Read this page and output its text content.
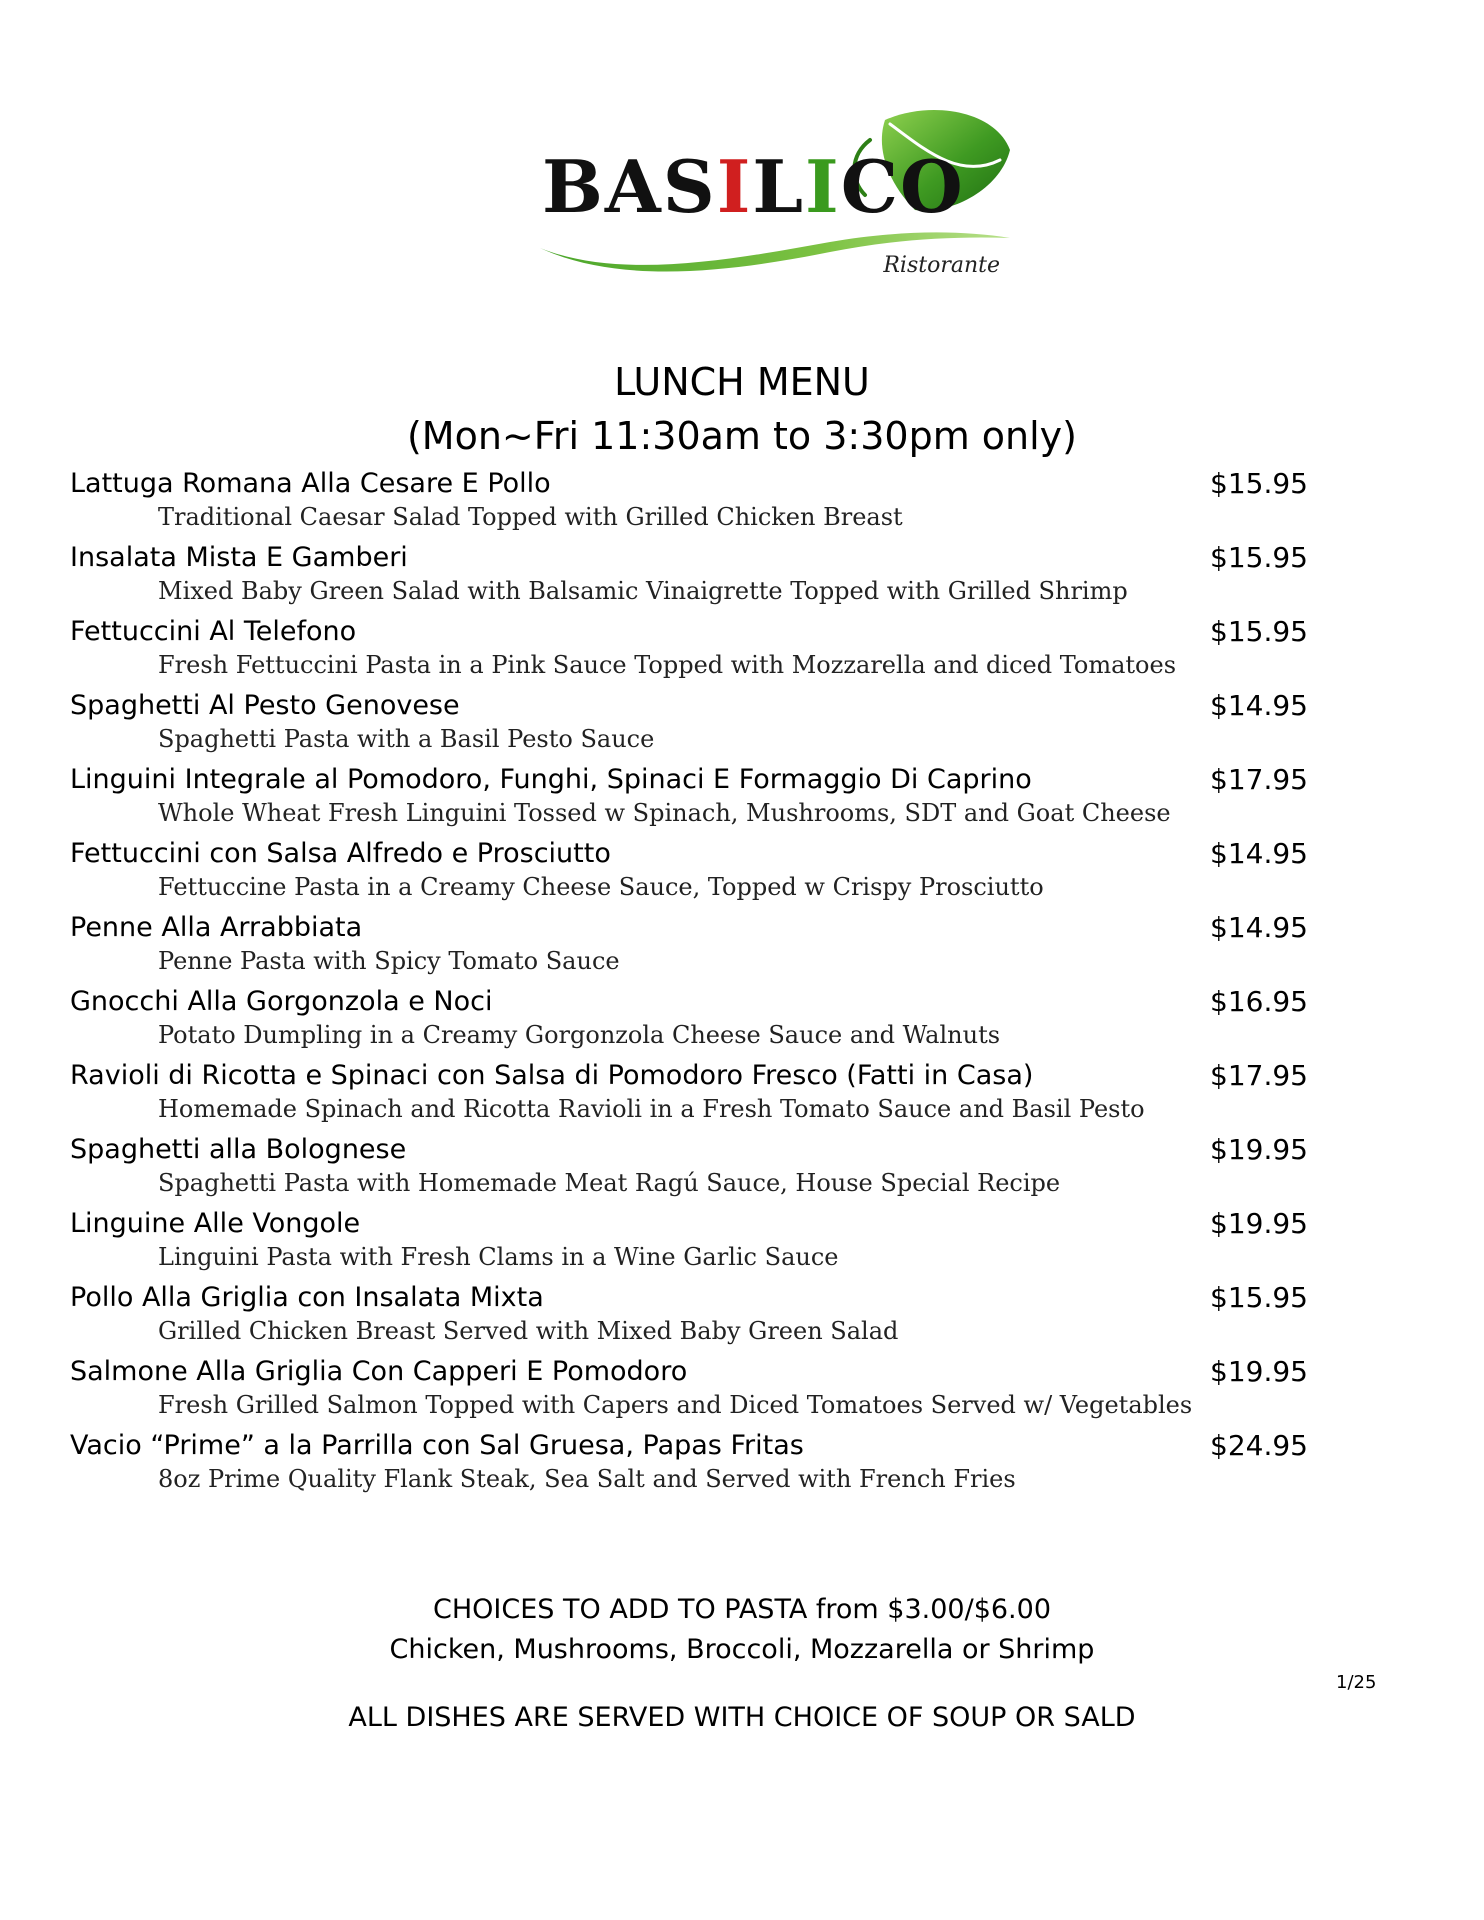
BASILICO
Ristorante
LUNCH MENU
(Mon~Fri 11:30am to 3:30pm only)
Lattuga Romana Alla Cesare E Pollo	$15.95
Traditional Caesar Salad Topped with Grilled Chicken Breast
Insalata Mista E Gamberi	$15.95
Mixed Baby Green Salad with Balsamic Vinaigrette Topped with Grilled Shrimp
Fettuccini Al Telefono	$15.95
Fresh Fettuccini Pasta in a Pink Sauce Topped with Mozzarella and diced Tomatoes
Spaghetti Al Pesto Genovese	$14.95
Spaghetti Pasta with a Basil Pesto Sauce
Linguini Integrale al Pomodoro, Funghi, Spinaci E Formaggio Di Caprino	$17.95
Whole Wheat Fresh Linguini Tossed w Spinach, Mushrooms, SDT and Goat Cheese
Fettuccini con Salsa Alfredo e Prosciutto	$14.95
Fettuccine Pasta in a Creamy Cheese Sauce, Topped w Crispy Prosciutto
Penne Alla Arrabbiata	$14.95
Penne Pasta with Spicy Tomato Sauce
Gnocchi Alla Gorgonzola e Noci	$16.95
Potato Dumpling in a Creamy Gorgonzola Cheese Sauce and Walnuts
Ravioli di Ricotta e Spinaci con Salsa di Pomodoro Fresco (Fatti in Casa)	$17.95
Homemade Spinach and Ricotta Ravioli in a Fresh Tomato Sauce and Basil Pesto
Spaghetti alla Bolognese	$19.95
Spaghetti Pasta with Homemade Meat Ragú Sauce, House Special Recipe
Linguine Alle Vongole	$19.95
Linguini Pasta with Fresh Clams in a Wine Garlic Sauce
Pollo Alla Griglia con Insalata Mixta	$15.95
Grilled Chicken Breast Served with Mixed Baby Green Salad
Salmone Alla Griglia Con Capperi E Pomodoro	$19.95
Fresh Grilled Salmon Topped with Capers and Diced Tomatoes Served w/ Vegetables
Vacio “Prime” a la Parrilla con Sal Gruesa, Papas Fritas	$24.95
8oz Prime Quality Flank Steak, Sea Salt and Served with French Fries
CHOICES TO ADD TO PASTA from $3.00/$6.00
Chicken, Mushrooms, Broccoli, Mozzarella or Shrimp
1/25
ALL DISHES ARE SERVED WITH CHOICE OF SOUP OR SALD
